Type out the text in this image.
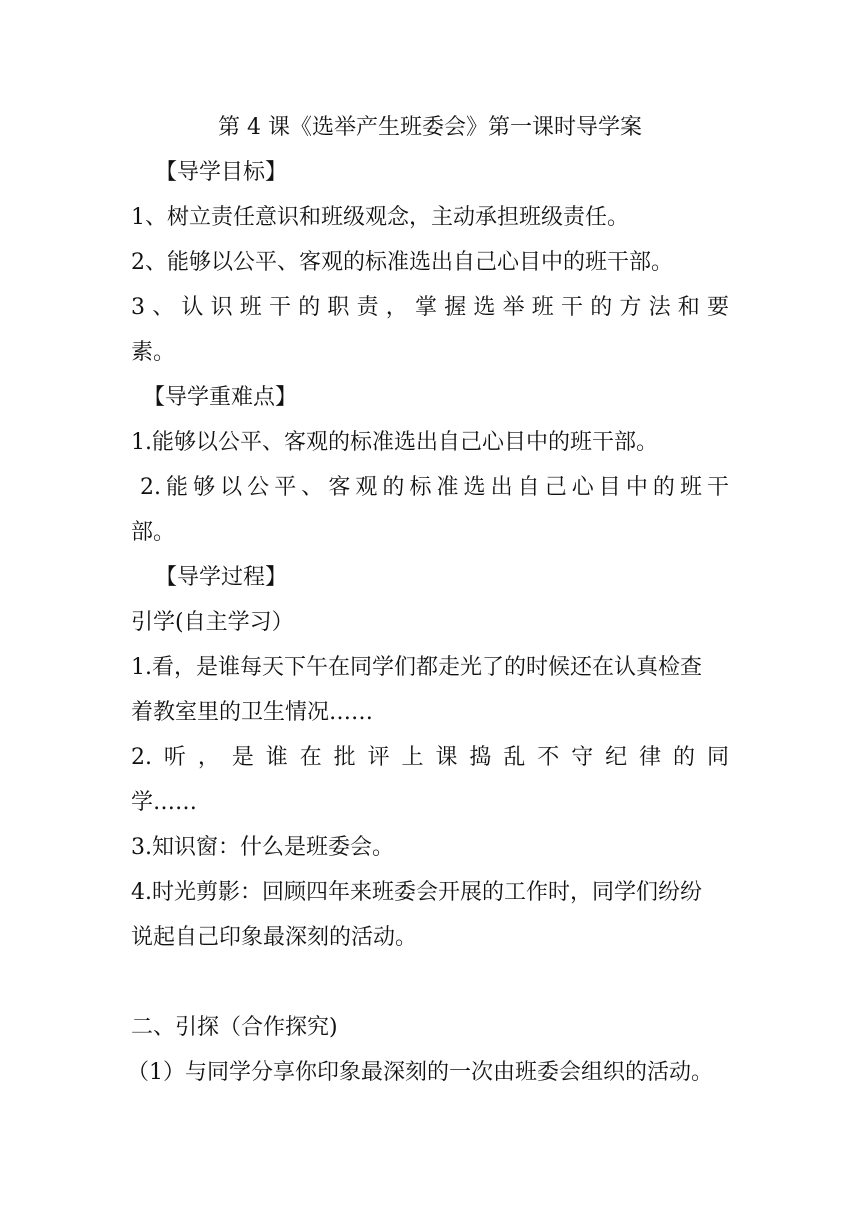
第 4 课《选举产生班委会》第一课时导学案
【导学目标】
1、树立责任意识和班级观念，主动承担班级责任。
2、能够以公平、客观的标准选出自己心目中的班干部。
3、认识班干的职责，掌握选举班干的方法和要
素。
【导学重难点】
1.能够以公平、客观的标准选出自己心目中的班干部。
2.能够以公平、客观的标准选出自己心目中的班干
部。
【导学过程】
引学(自主学习）
1.看，是谁每天下午在同学们都走光了的时候还在认真检查
着教室里的卫生情况……
2.听，是谁在批评上课捣乱不守纪律的同
学……
3.知识窗：什么是班委会。
4.时光剪影：回顾四年来班委会开展的工作时，同学们纷纷
说起自己印象最深刻的活动。
二、引探（合作探究)
（1）与同学分享你印象最深刻的一次由班委会组织的活动。
